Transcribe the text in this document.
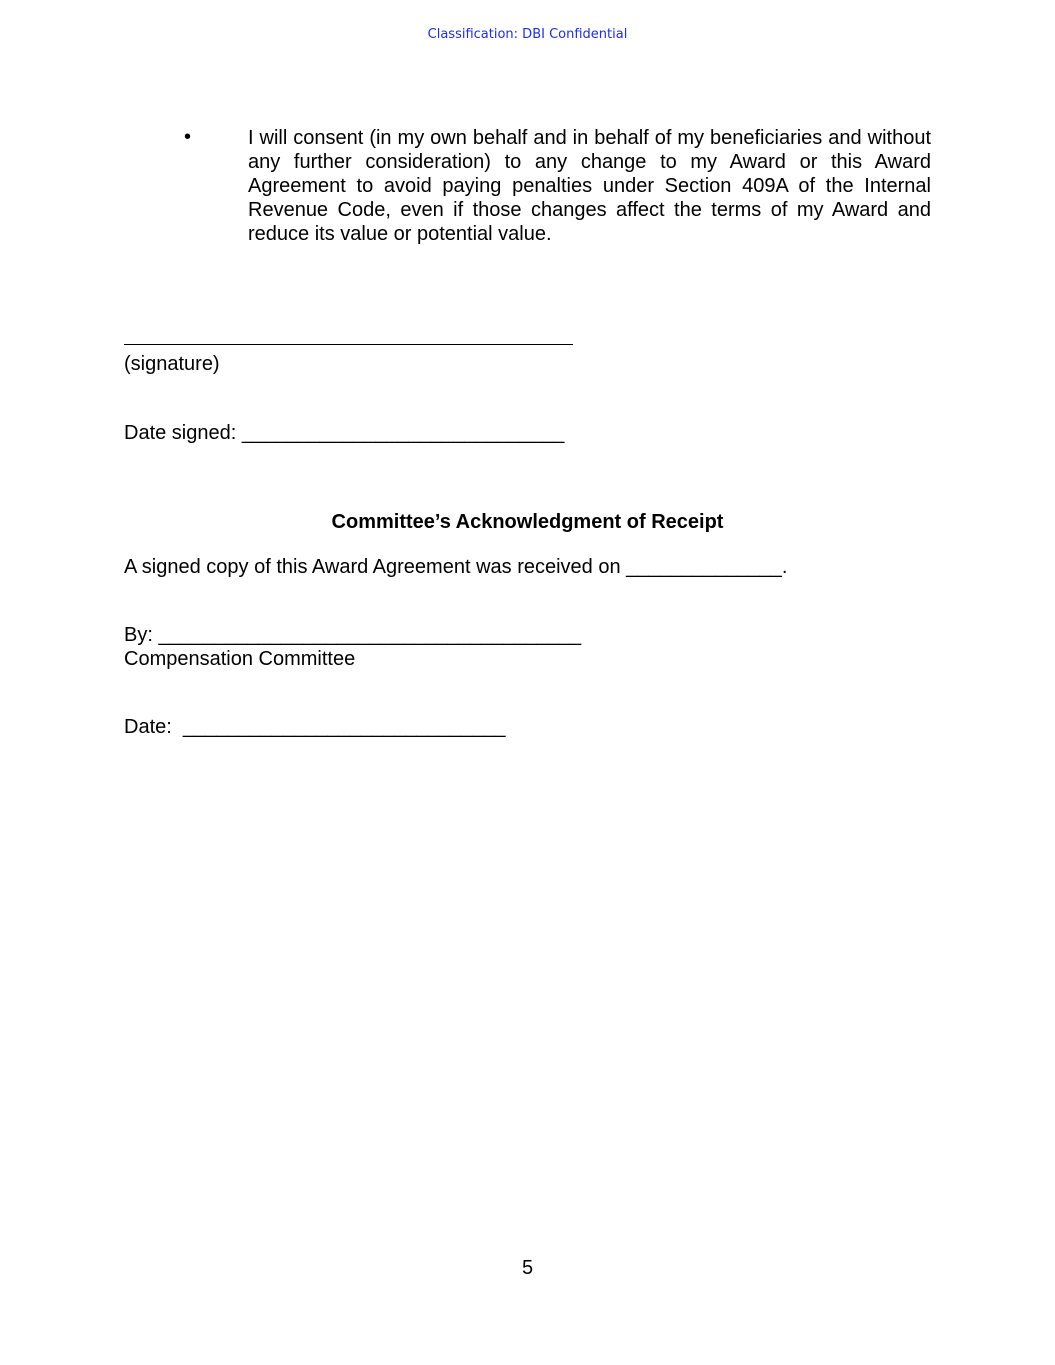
Classification: DBI Confidential
•	I will consent (in my own behalf and in behalf of my beneficiaries and without any further consideration) to any change to my Award or this Award Agreement to avoid paying penalties under Section 409A of the Internal Revenue Code, even if those changes affect the terms of my Award and reduce its value or potential value.
(signature)
Date signed: _____________________________
Committee’s Acknowledgment of Receipt
A signed copy of this Award Agreement was received on ______________.
By: ______________________________________
Compensation Committee
Date:  _____________________________
5
